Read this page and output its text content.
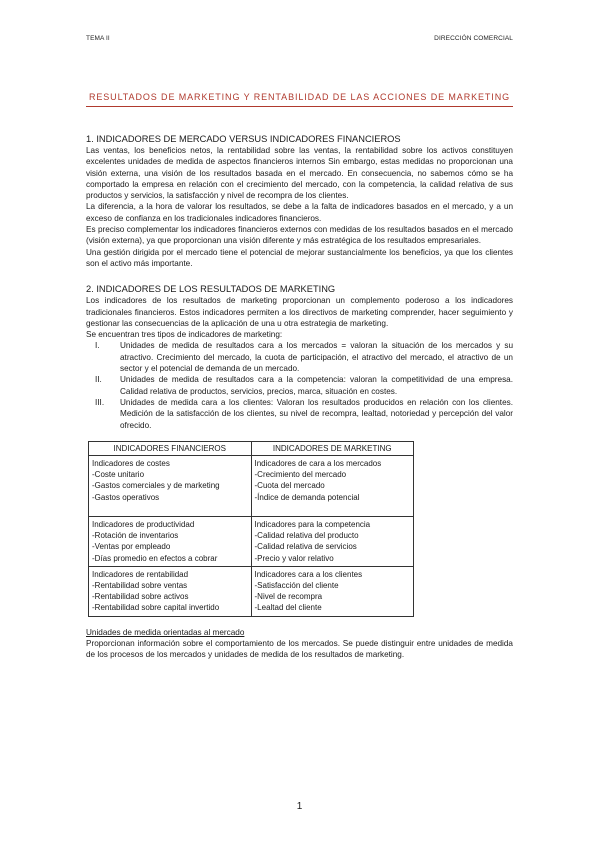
TEMA II	DIRECCIÓN COMERCIAL
RESULTADOS DE MARKETING Y RENTABILIDAD DE LAS ACCIONES DE MARKETING
1. INDICADORES DE MERCADO VERSUS INDICADORES FINANCIEROS

Las ventas, los beneficios netos, la rentabilidad sobre las ventas, la rentabilidad sobre los activos constituyen excelentes unidades de medida de aspectos financieros internos Sin embargo, estas medidas no proporcionan una visión externa, una visión de los resultados basada en el mercado. En consecuencia, no sabemos cómo se ha comportado la empresa en relación con el crecimiento del mercado, con la competencia, la calidad relativa de sus productos y servicios, la satisfacción y nivel de recompra de los clientes.

La diferencia, a la hora de valorar los resultados, se debe a la falta de indicadores basados en el mercado, y a un exceso de confianza en los tradicionales indicadores financieros.

Es preciso complementar los indicadores financieros externos con medidas de los resultados basados en el mercado (visión externa), ya que proporcionan una visión diferente y más estratégica de los resultados empresariales.

Una gestión dirigida por el mercado tiene el potencial de mejorar sustancialmente los beneficios, ya que los clientes son el activo más importante.

2. INDICADORES DE LOS RESULTADOS DE MARKETING

Los indicadores de los resultados de marketing proporcionan un complemento poderoso a los indicadores tradicionales financieros. Estos indicadores permiten a los directivos de marketing comprender, hacer seguimiento y gestionar las consecuencias de la aplicación de una u otra estrategia de marketing.

Se encuentran tres tipos de indicadores de marketing:

I. Unidades de medida de resultados cara a los mercados = valoran la situación de los mercados y su atractivo. Crecimiento del mercado, la cuota de participación, el atractivo del mercado, el atractivo de un sector y el potencial de demanda de un mercado.
II. Unidades de medida de resultados cara a la competencia: valoran la competitividad de una empresa. Calidad relativa de productos, servicios, precios, marca, situación en costes.
III. Unidades de medida cara a los clientes: Valoran los resultados producidos en relación con los clientes. Medición de la satisfacción de los clientes, su nivel de recompra, lealtad, notoriedad y percepción del valor ofrecido.
INDICADORES FINANCIEROS	INDICADORES DE MARKETING

Indicadores de costes
-Coste unitario
-Gastos comerciales y de marketing
-Gastos operativos	Indicadores de cara a los mercados
-Crecimiento del mercado
-Cuota del mercado
-Índice de demanda potencial

Indicadores de productividad
-Rotación de inventarios
-Ventas por empleado
-Días promedio en efectos a cobrar	Indicadores para la competencia
-Calidad relativa del producto
-Calidad relativa de servicios
-Precio y valor relativo

Indicadores de rentabilidad
-Rentabilidad sobre ventas
-Rentabilidad sobre activos
-Rentabilidad sobre capital invertido	Indicadores cara a los clientes
-Satisfacción del cliente
-Nivel de recompra
-Lealtad del cliente

Unidades de medida orientadas al mercado

Proporcionan información sobre el comportamiento de los mercados. Se puede distinguir entre unidades de medida de los procesos de los mercados y unidades de medida de los resultados de marketing.

1
